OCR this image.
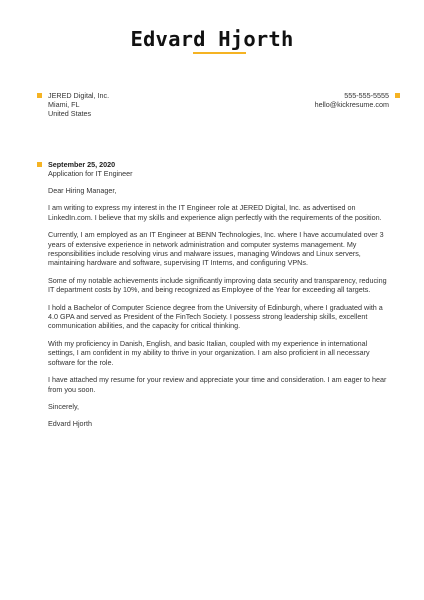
Edvard Hjorth
JERED Digital, Inc.
Miami, FL
United States
555-555-5555
hello@kickresume.com
September 25, 2020
Application for IT Engineer

Dear Hiring Manager,

I am writing to express my interest in the IT Engineer role at JERED Digital, Inc. as advertised on LinkedIn.com. I believe that my skills and experience align perfectly with the requirements of the position.

Currently, I am employed as an IT Engineer at BENN Technologies, Inc. where I have accumulated over 3 years of extensive experience in network administration and computer systems management. My responsibilities include resolving virus and malware issues, managing Windows and Linux servers, maintaining hardware and software, supervising IT Interns, and configuring VPNs.

Some of my notable achievements include significantly improving data security and transparency, reducing IT department costs by 10%, and being recognized as Employee of the Year for exceeding all targets.

I hold a Bachelor of Computer Science degree from the University of Edinburgh, where I graduated with a 4.0 GPA and served as President of the FinTech Society. I possess strong leadership skills, excellent communication abilities, and the capacity for critical thinking.

With my proficiency in Danish, English, and basic Italian, coupled with my experience in international settings, I am confident in my ability to thrive in your organization. I am also proficient in all necessary software for the role.

I have attached my resume for your review and appreciate your time and consideration. I am eager to hear from you soon.

Sincerely,

Edvard Hjorth
